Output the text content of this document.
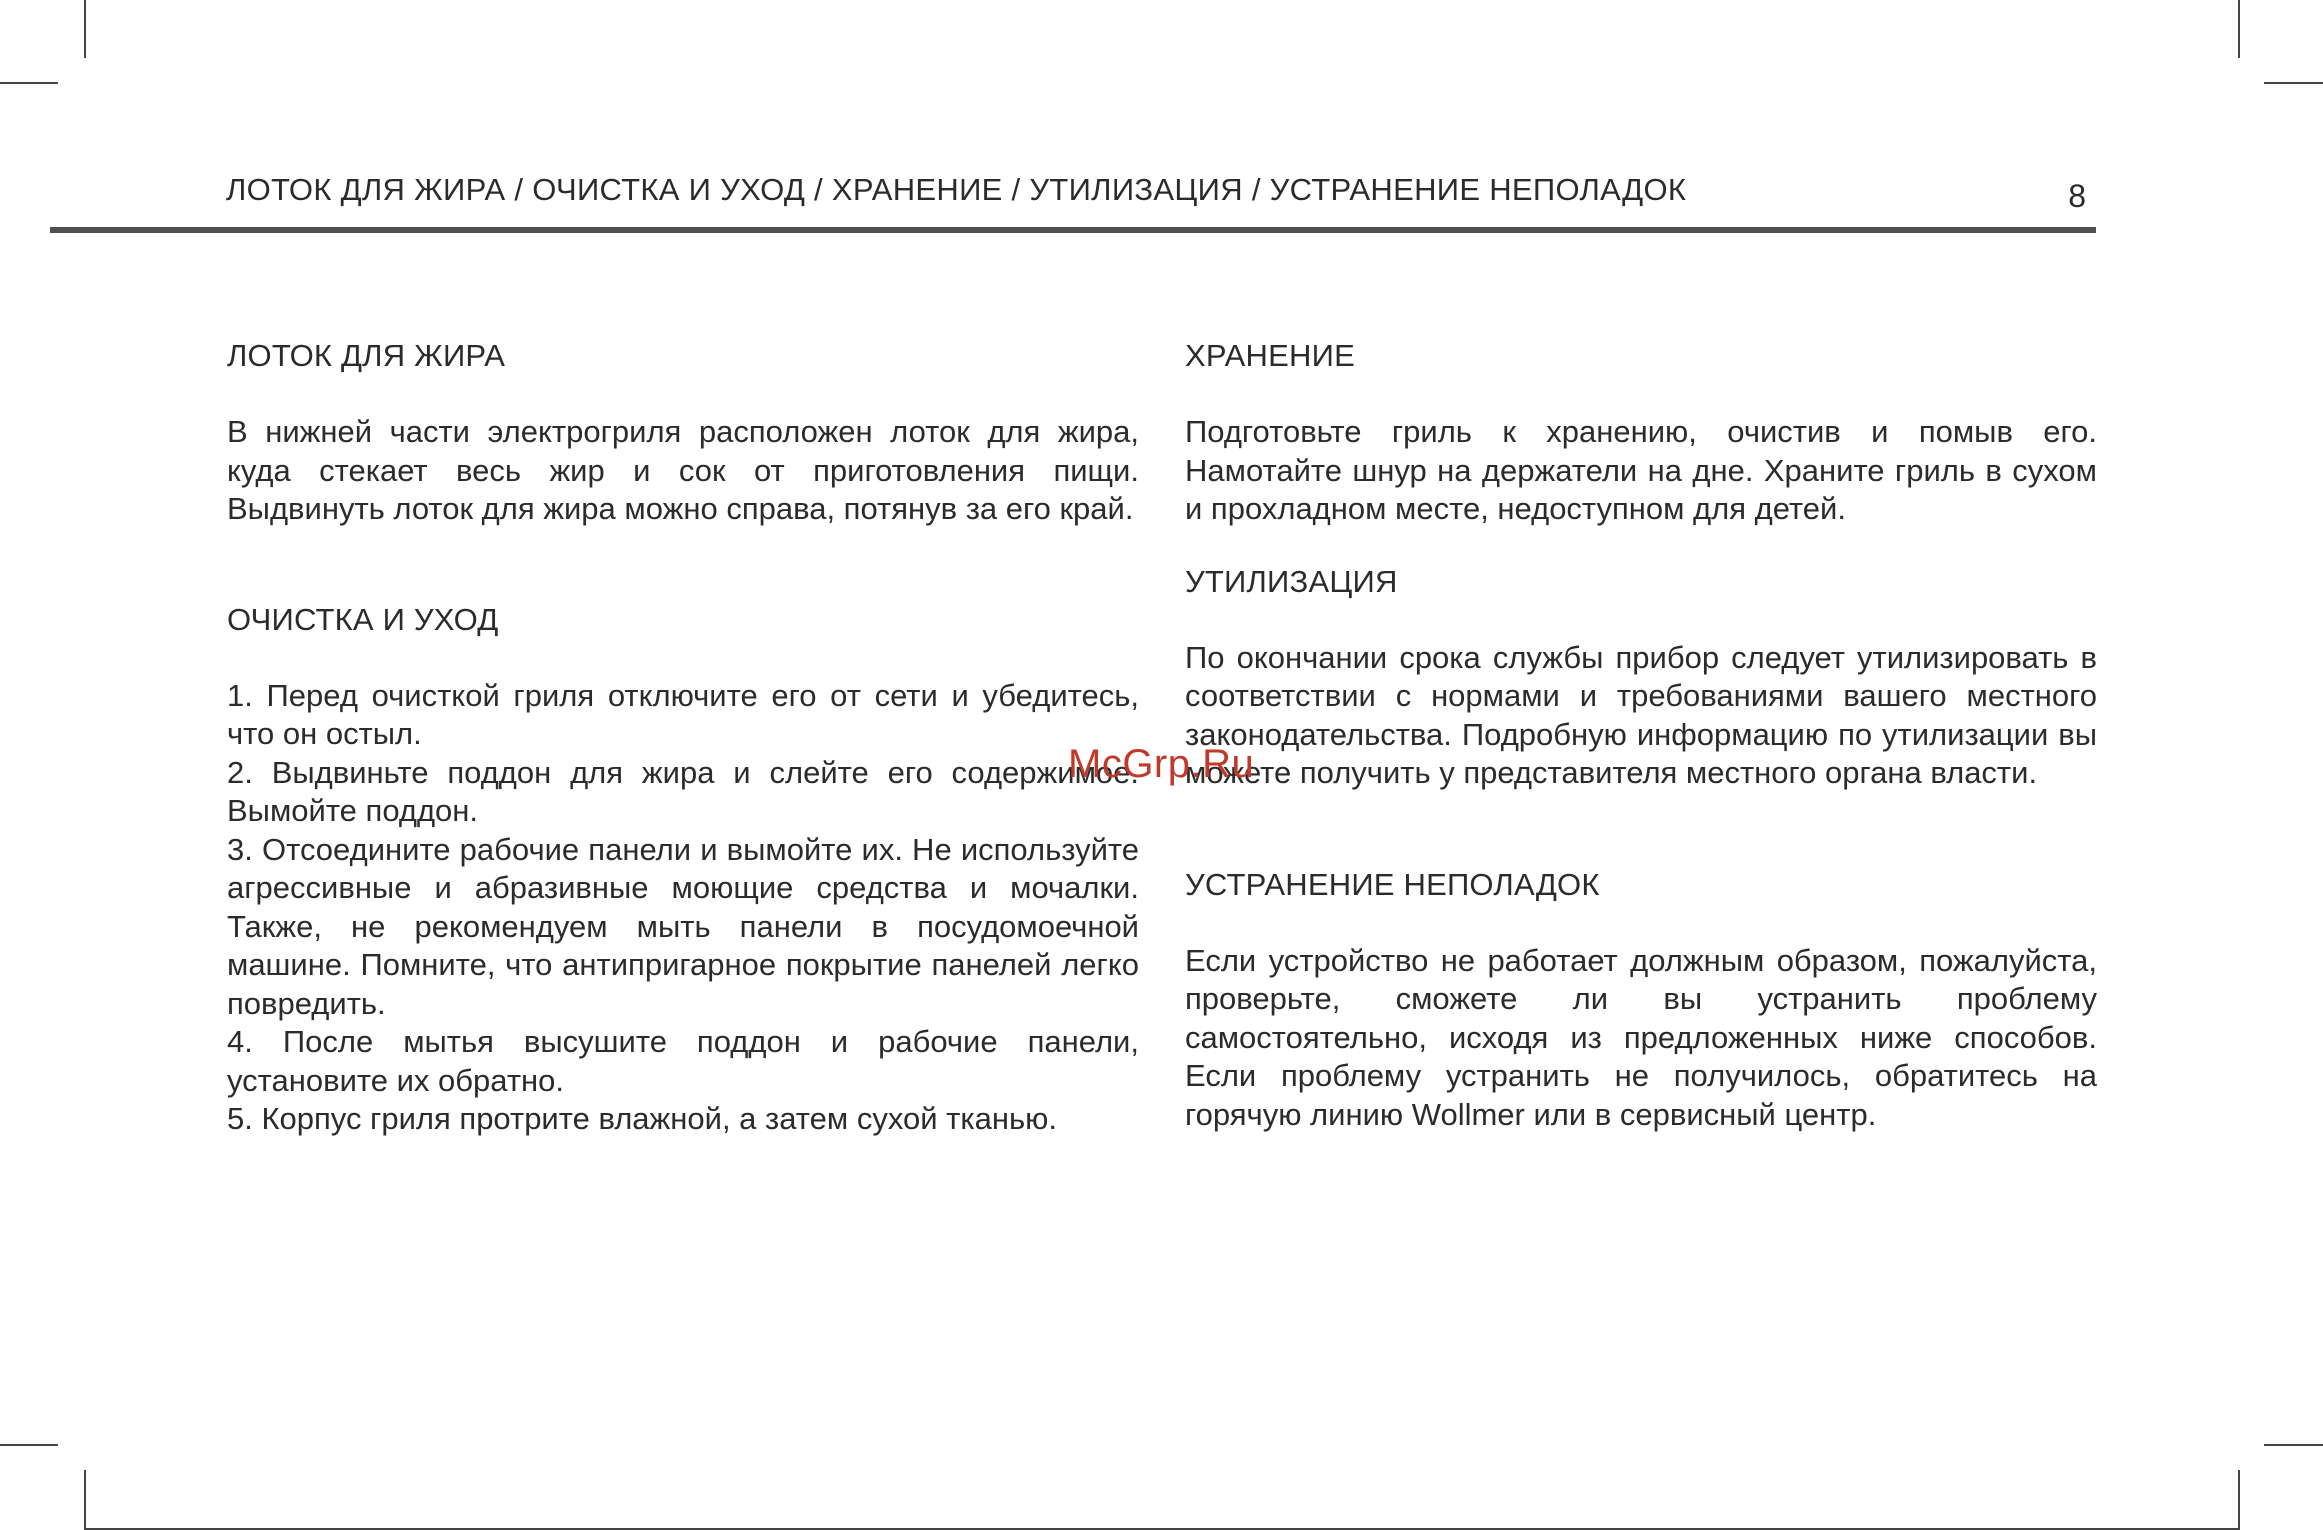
ЛОТОК ДЛЯ ЖИРА / ОЧИСТКА И УХОД / ХРАНЕНИЕ / УТИЛИЗАЦИЯ / УСТРАНЕНИЕ НЕПОЛАДОК	8
ЛОТОК ДЛЯ ЖИРА

В нижней части электрогриля расположен лоток для жира, куда стекает весь жир и сок от приготовления пищи. Выдвинуть лоток для жира можно справа, потянув за его край.

ОЧИСТКА И УХОД
1. Перед очисткой гриля отключите его от сети и убедитесь, что он остыл.
2. Выдвиньте поддон для жира и слейте его содержимое. Вымойте поддон.
3. Отсоедините рабочие панели и вымойте их. Не используйте агрессивные и абразивные моющие средства и мочалки. Также, не рекомендуем мыть панели в посудомоечной машине. Помните, что антипригарное покрытие панелей легко повредить.
4. После мытья высушите поддон и рабочие панели, установите их обратно.
5. Корпус гриля протрите влажной, а затем сухой тканью.
ХРАНЕНИЕ

Подготовьте гриль к хранению, очистив и помыв его. Намотайте шнур на держатели на дне. Храните гриль в сухом и прохладном месте, недоступном для детей.

УТИЛИЗАЦИЯ

По окончании срока службы прибор следует утилизировать в соответствии с нормами и требованиями вашего местного законодательства. Подробную информацию по утилизации вы можете получить у представителя местного органа власти.

УСТРАНЕНИЕ НЕПОЛАДОК

Если устройство не работает должным образом, пожалуйста, проверьте, сможете ли вы устранить проблему самостоятельно, исходя из предложенных ниже способов. Если проблему устранить не получилось, обратитесь на горячую линию Wollmer или в сервисный центр.

McGrp.Ru
